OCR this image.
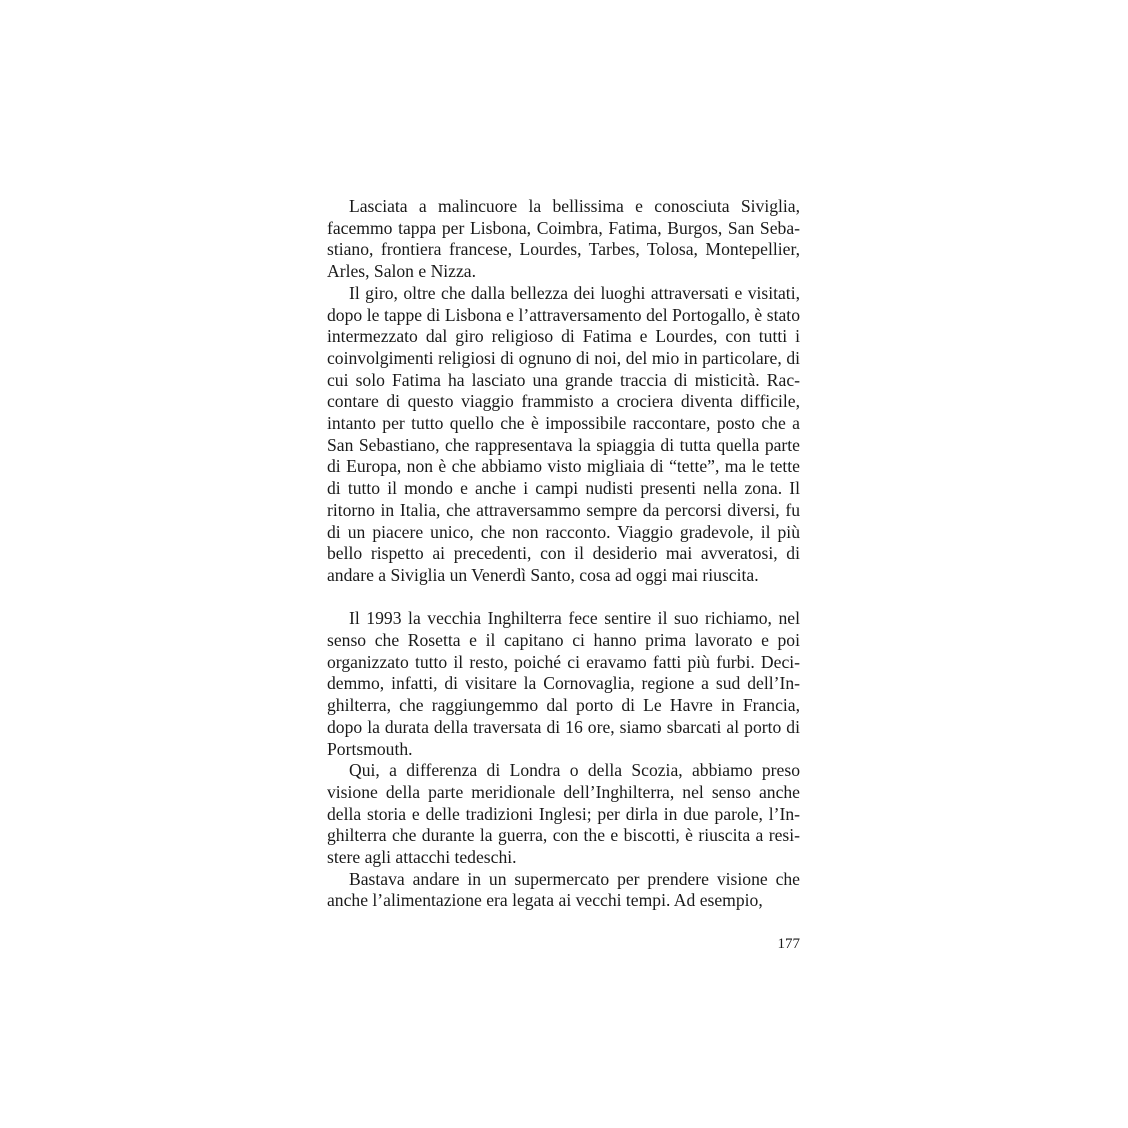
Lasciata a malincuore la bellissima e conosciuta Siviglia, facemmo tappa per Lisbona, Coimbra, Fatima, Burgos, San Sebastiano, frontiera francese, Lourdes, Tarbes, Tolosa, Montepellier, Arles, Salon e Nizza.

Il giro, oltre che dalla bellezza dei luoghi attraversati e visitati, dopo le tappe di Lisbona e l’attraversamento del Portogallo, è stato intermezzato dal giro religioso di Fatima e Lourdes, con tutti i coinvolgimenti religiosi di ognuno di noi, del mio in particolare, di cui solo Fatima ha lasciato una grande traccia di misticità. Raccontare di questo viaggio frammisto a crociera diventa difficile, intanto per tutto quello che è impossibile raccontare, posto che a San Sebastiano, che rappresentava la spiaggia di tutta quella parte di Europa, non è che abbiamo visto migliaia di “tette”, ma le tette di tutto il mondo e anche i campi nudisti presenti nella zona. Il ritorno in Italia, che attraversammo sempre da percorsi diversi, fu di un piacere unico, che non racconto. Viaggio gradevole, il più bello rispetto ai precedenti, con il desiderio mai avveratosi, di andare a Siviglia un Venerdì Santo, cosa ad oggi mai riuscita.

Il 1993 la vecchia Inghilterra fece sentire il suo richiamo, nel senso che Rosetta e il capitano ci hanno prima lavorato e poi organizzato tutto il resto, poiché ci eravamo fatti più furbi. Decidemmo, infatti, di visitare la Cornovaglia, regione a sud dell’Inghilterra, che raggiungemmo dal porto di Le Havre in Francia, dopo la durata della traversata di 16 ore, siamo sbarcati al porto di Portsmouth.

Qui, a differenza di Londra o della Scozia, abbiamo preso visione della parte meridionale dell’Inghilterra, nel senso anche della storia e delle tradizioni Inglesi; per dirla in due parole, l’Inghilterra che durante la guerra, con the e biscotti, è riuscita a resistere agli attacchi tedeschi.

Bastava andare in un supermercato per prendere visione che anche l’alimentazione era legata ai vecchi tempi. Ad esempio,

177
